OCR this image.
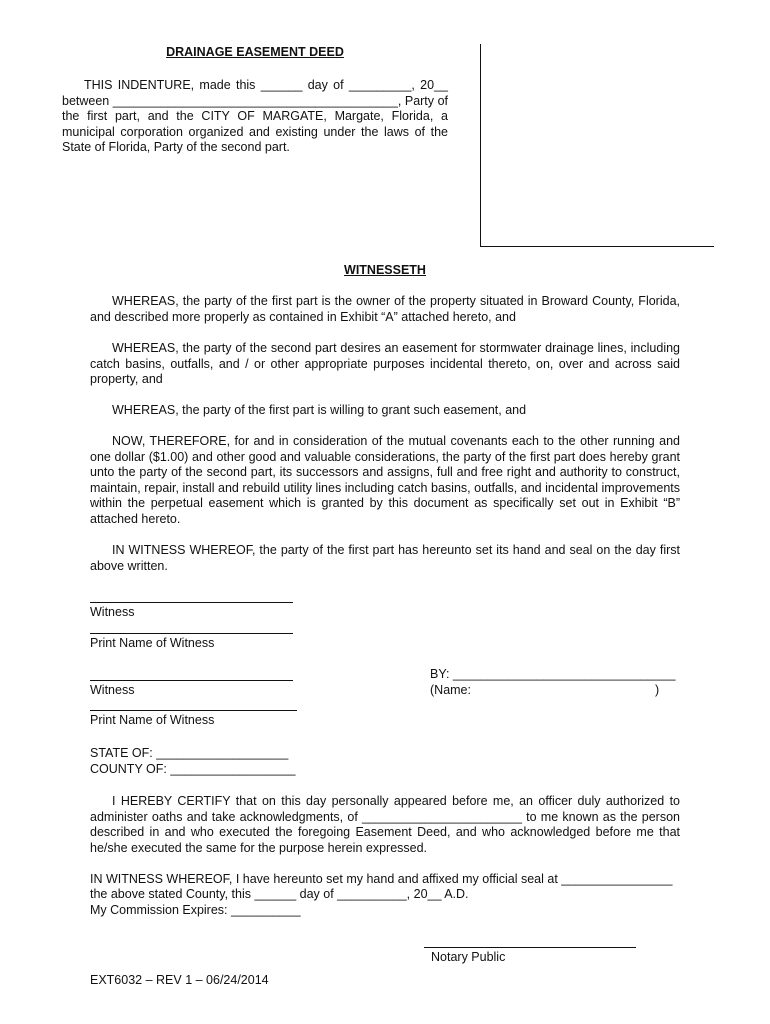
DRAINAGE EASEMENT DEED
THIS INDENTURE, made this ______ day of _________, 20__ between _________________________________________, Party of the first part, and the CITY OF MARGATE, Margate, Florida, a municipal corporation organized and existing under the laws of the State of Florida, Party of the second part.
WITNESSETH
WHEREAS, the party of the first part is the owner of the property situated in Broward County, Florida, and described more properly as contained in Exhibit “A” attached hereto, and
WHEREAS, the party of the second part desires an easement for stormwater drainage lines, including catch basins, outfalls, and / or other appropriate purposes incidental thereto, on, over and across said property, and
WHEREAS, the party of the first part is willing to grant such easement, and
NOW, THEREFORE, for and in consideration of the mutual covenants each to the other running and one dollar ($1.00) and other good and valuable considerations, the party of the first part does hereby grant unto the party of the second part, its successors and assigns, full and free right and authority to construct, maintain, repair, install and rebuild utility lines including catch basins, outfalls, and incidental improvements within the perpetual easement which is granted by this document as specifically set out in Exhibit “B” attached hereto.
IN WITNESS WHEREOF, the party of the first part has hereunto set its hand and seal on the day first above written.
Witness
Print Name of Witness
Witness
Print Name of Witness
BY: ________________________________
(Name:	)
STATE OF: ___________________
COUNTY OF: __________________
I HEREBY CERTIFY that on this day personally appeared before me, an officer duly authorized to administer oaths and take acknowledgments, of _______________________ to me known as the person described in and who executed the foregoing Easement Deed, and who acknowledged before me that he/she executed the same for the purpose herein expressed.
IN WITNESS WHEREOF, I have hereunto set my hand and affixed my official seal at ________________
the above stated County, this ______ day of __________, 20__ A.D.
My Commission Expires: __________
Notary Public
EXT6032 – REV 1 – 06/24/2014
